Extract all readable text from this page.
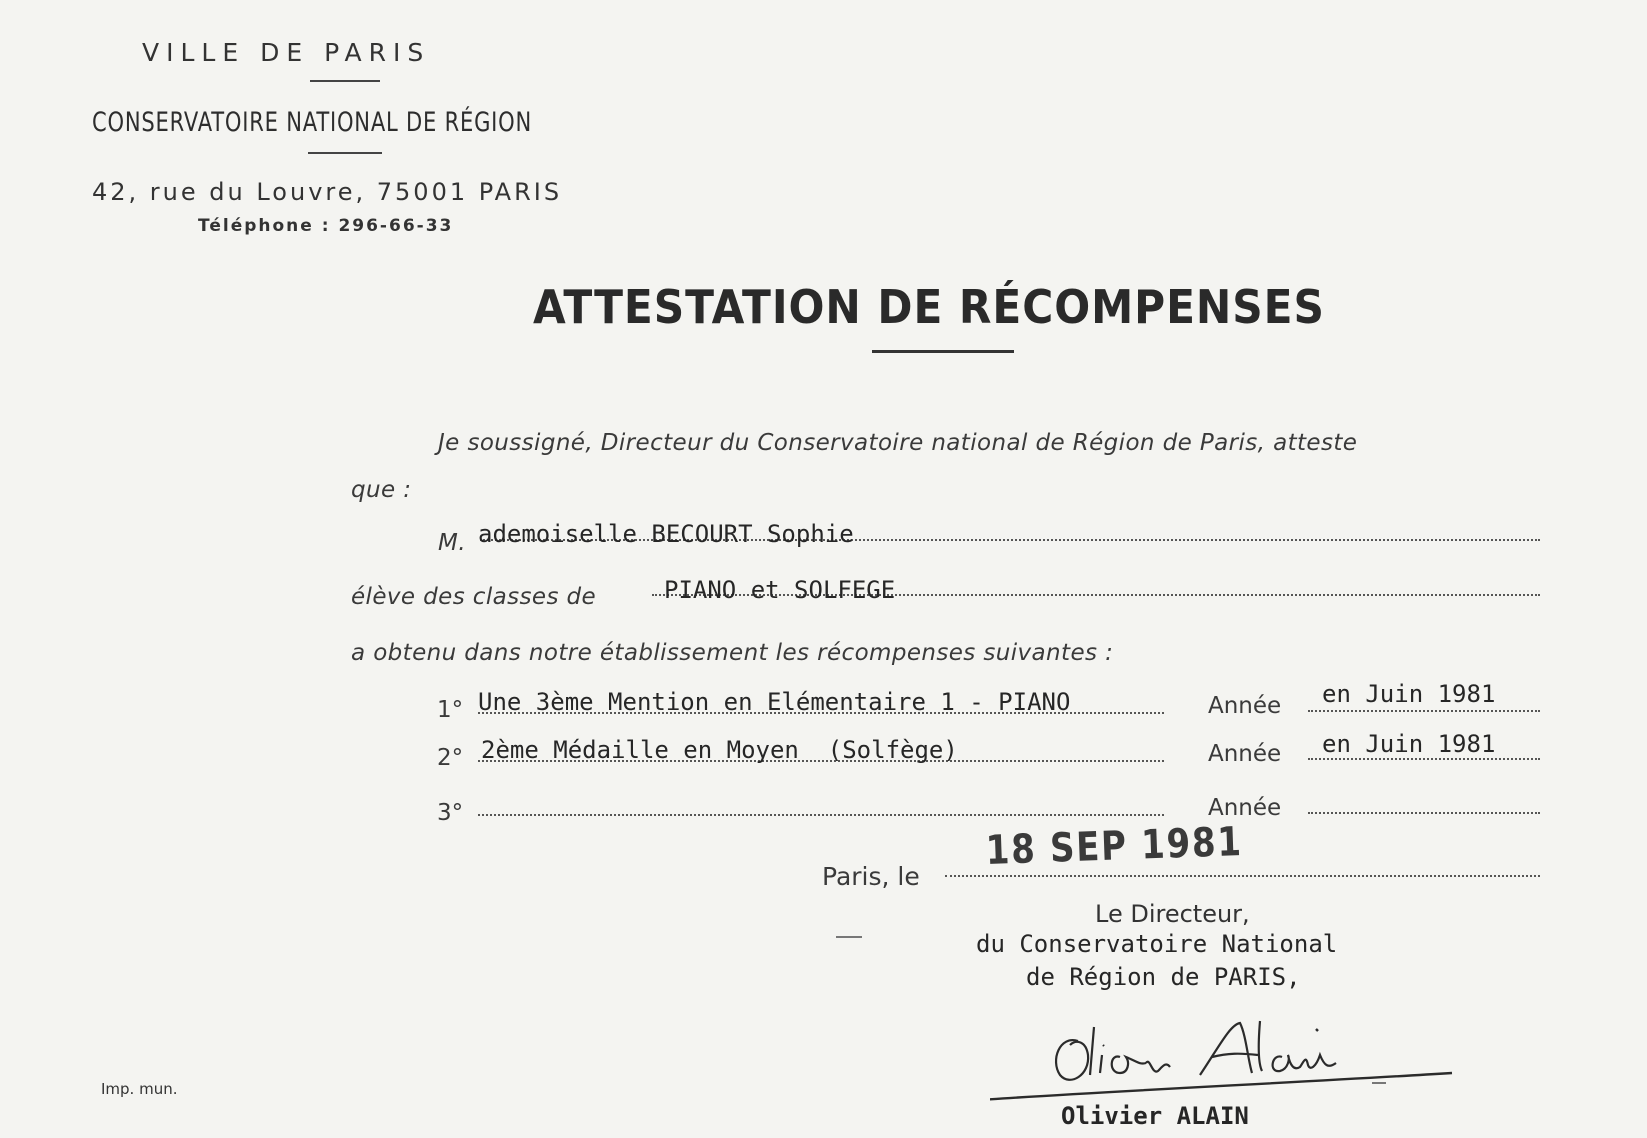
VILLE DE PARIS
CONSERVATOIRE NATIONAL DE RÉGION
42, rue du Louvre, 75001 PARIS
Téléphone : 296-66-33
ATTESTATION DE RÉCOMPENSES
Je soussigné, Directeur du Conservatoire national de Région de Paris, atteste
que :
M. ademoiselle BECOURT Sophie
élève des classes de	PIANO et SOLFEGE
a obtenu dans notre établissement les récompenses suivantes :
1° Une 3ème Mention en Elémentaire 1 - PIANO	Année en Juin 1981
2° 2ème Médaille en Moyen  (Solfège)	Année en Juin 1981
3°	Année
Paris, le
18 SEP 1981
Le Directeur,
du Conservatoire National
de Région de PARIS,
Olivier ALAIN
Imp. mun.
